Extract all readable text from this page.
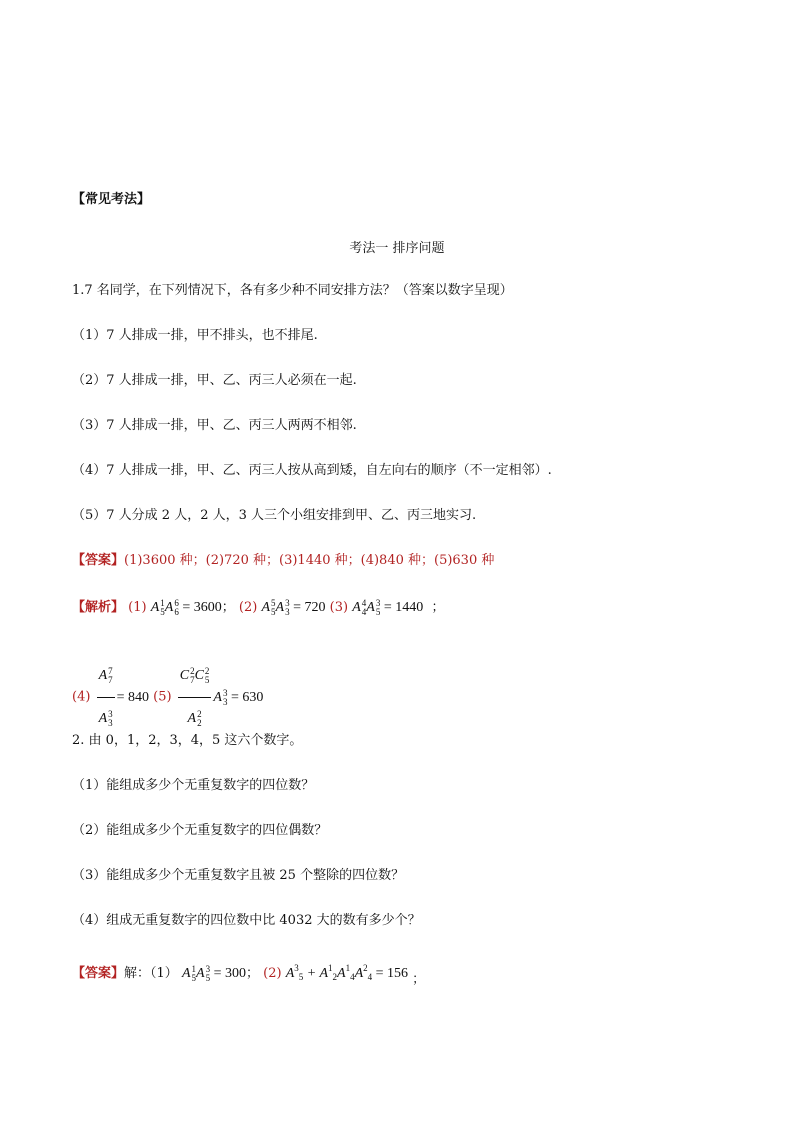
【常见考法】
考法一 排序问题
1.7 名同学，在下列情况下，各有多少种不同安排方法？（答案以数字呈现）
（1）7 人排成一排，甲不排头，也不排尾.
（2）7 人排成一排，甲、乙、丙三人必须在一起.
（3）7 人排成一排，甲、乙、丙三人两两不相邻.
（4）7 人排成一排，甲、乙、丙三人按从高到矮，自左向右的顺序（不一定相邻）.
（5）7 人分成 2 人，2 人，3 人三个小组安排到甲、乙、丙三地实习.
【答案】(1)3600 种；(2)720 种；(3)1440 种；(4)840 种；(5)630 种
【解析】 (1) A 1
5 A 6
6 = 3600； (2) A 5
5 A 3
3 = 720 (3) A 4
4 A 3
5 = 1440 ；
(4) A 7
7
A 3
3 = 840 (5) C 2
7 C 2
5
A 2
2 A 3
3 = 630
2. 由 0，1，2，3，4，5 这六个数字。
（1）能组成多少个无重复数字的四位数？
（2）能组成多少个无重复数字的四位偶数？
（3）能组成多少个无重复数字且被 25 个整除的四位数？
（4）组成无重复数字的四位数中比 4032 大的数有多少个？
【答案】解：（1） A 1
5 A 3
5 = 300； (2) $A^3_5 + A^1_2A^1_4A^2_4 = 156$ ；
